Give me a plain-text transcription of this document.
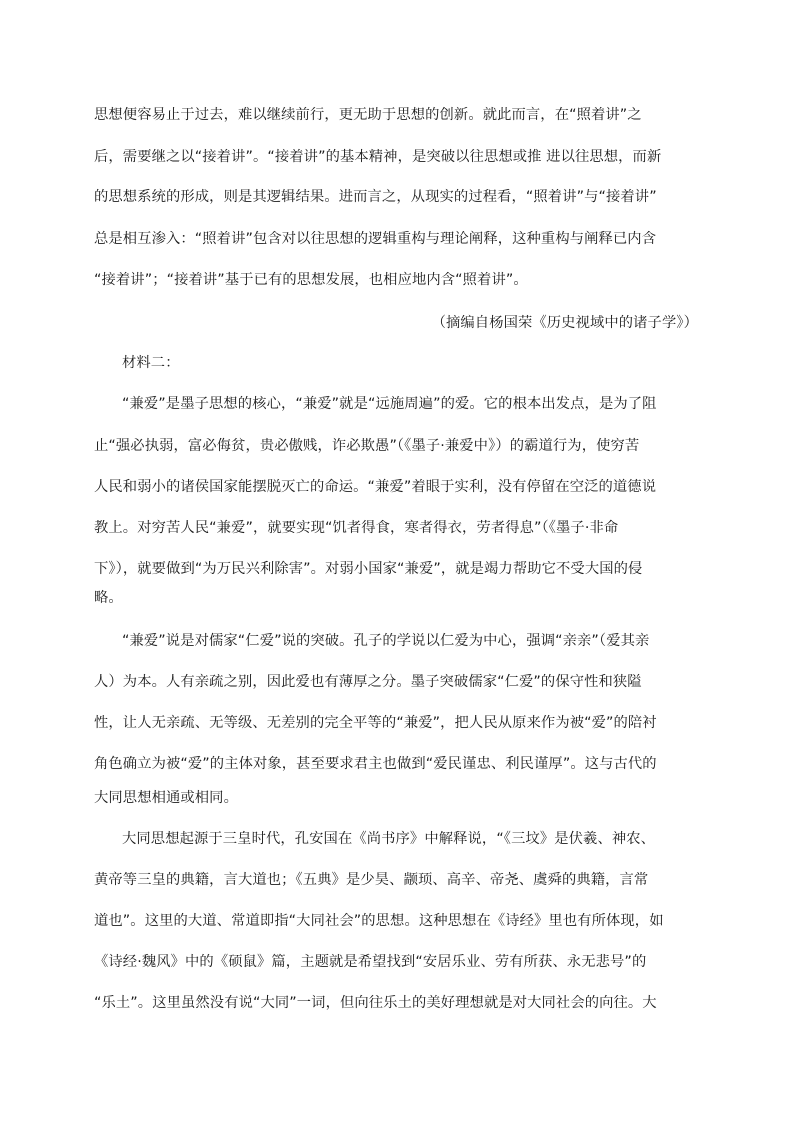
思想便容易止于过去，难以继续前行，更无助于思想的创新。就此而言，在“照着讲”之
后，需要继之以“接着讲”。“接着讲”的基本精神，是突破以往思想或推 进以往思想，而新
的思想系统的形成，则是其逻辑结果。进而言之，从现实的过程看，“照着讲”与“接着讲”
总是相互渗入：“照着讲”包含对以往思想的逻辑重构与理论阐释，这种重构与阐释已内含
“接着讲”；“接着讲”基于已有的思想发展，也相应地内含“照着讲”。
（摘编自杨国荣《历史视域中的诸子学》）
材料二：
“兼爱”是墨子思想的核心，“兼爱”就是“远施周遍”的爱。它的根本出发点，是为了阻
止“强必执弱，富必侮贫，贵必傲贱，诈必欺愚”（《墨子·兼爱中》）的霸道行为，使穷苦
人民和弱小的诸侯国家能摆脱灭亡的命运。“兼爱”着眼于实利，没有停留在空泛的道德说
教上。对穷苦人民“兼爱”，就要实现“饥者得食，寒者得衣，劳者得息”（《墨子·非命
下》），就要做到“为万民兴利除害”。对弱小国家“兼爱”，就是竭力帮助它不受大国的侵
略。
“兼爱”说是对儒家“仁爱”说的突破。孔子的学说以仁爱为中心，强调“亲亲”（爱其亲
人）为本。人有亲疏之别，因此爱也有薄厚之分。墨子突破儒家“仁爱”的保守性和狭隘
性，让人无亲疏、无等级、无差别的完全平等的“兼爱”，把人民从原来作为被“爱”的陪衬
角色确立为被“爱”的主体对象，甚至要求君主也做到“爱民谨忠、利民谨厚”。这与古代的
大同思想相通或相同。
大同思想起源于三皇时代，孔安国在《尚书序》中解释说，“《三坟》是伏羲、神农、
黄帝等三皇的典籍，言大道也；《五典》是少昊、颛顼、高辛、帝尧、虞舜的典籍，言常
道也”。这里的大道、常道即指“大同社会”的思想。这种思想在《诗经》里也有所体现，如
《诗经·魏风》中的《硕鼠》篇，主题就是希望找到“安居乐业、劳有所获、永无悲号”的
“乐土”。这里虽然没有说“大同”一词，但向往乐土的美好理想就是对大同社会的向往。大
